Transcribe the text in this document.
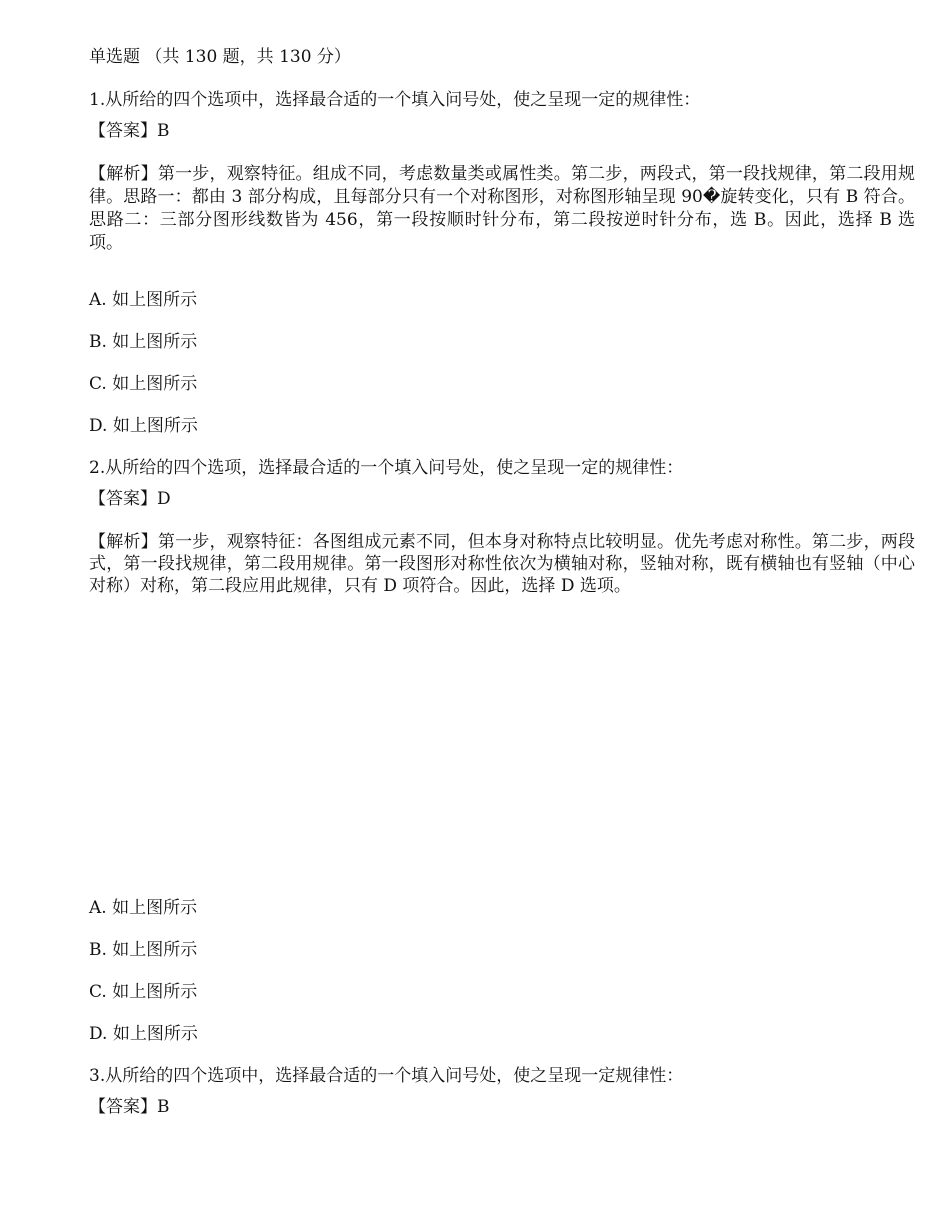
单选题 （共 130 题，共 130 分）
1.从所给的四个选项中，选择最合适的一个填入问号处，使之呈现一定的规律性：
【答案】B
【解析】第一步，观察特征。组成不同，考虑数量类或属性类。第二步，两段式，第一段找规律，第二段用规律。思路一：都由 3 部分构成，且每部分只有一个对称图形，对称图形轴呈现 90�旋转变化，只有 B 符合。思路二：三部分图形线数皆为 456，第一段按顺时针分布，第二段按逆时针分布，选 B。因此，选择 B 选项。
A. 如上图所示
B. 如上图所示
C. 如上图所示
D. 如上图所示
2.从所给的四个选项，选择最合适的一个填入问号处，使之呈现一定的规律性：
【答案】D
【解析】第一步，观察特征：各图组成元素不同，但本身对称特点比较明显。优先考虑对称性。第二步，两段式，第一段找规律，第二段用规律。第一段图形对称性依次为横轴对称，竖轴对称，既有横轴也有竖轴（中心对称）对称，第二段应用此规律，只有 D 项符合。因此，选择 D 选项。
A. 如上图所示
B. 如上图所示
C. 如上图所示
D. 如上图所示
3.从所给的四个选项中，选择最合适的一个填入问号处，使之呈现一定规律性：
【答案】B
